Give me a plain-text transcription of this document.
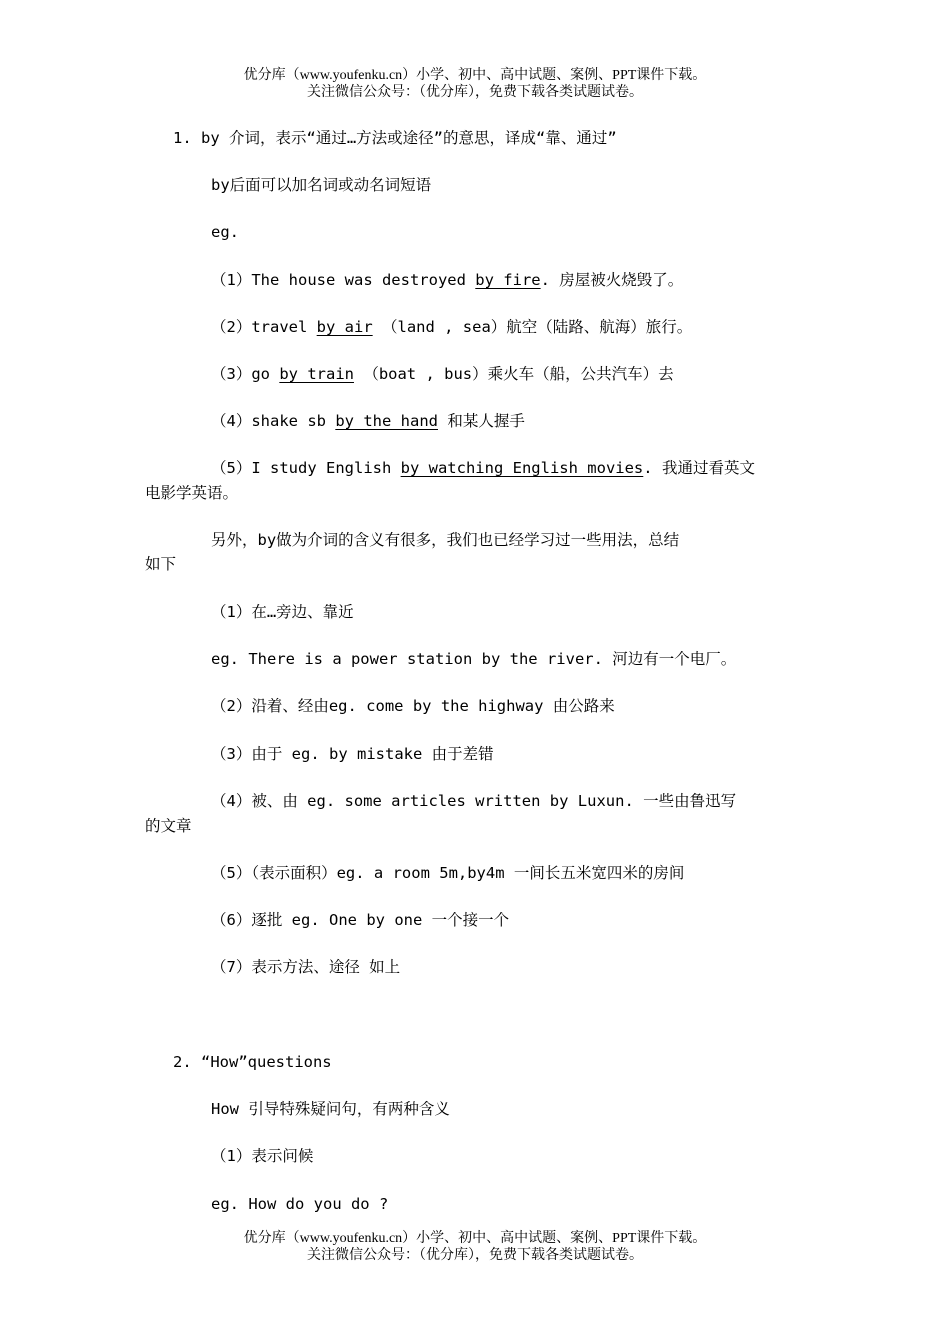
优分库（www.youfenku.cn）小学、初中、高中试题、案例、PPT课件下载。
关注微信公众号：（优分库），免费下载各类试题试卷。
1. by 介词，表示“通过…方法或途径”的意思，译成“靠、通过”
by后面可以加名词或动名词短语
eg.
（1）The house was destroyed by fire. 房屋被火烧毁了。
（2）travel by air （land , sea）航空（陆路、航海）旅行。
（3）go by train （boat , bus）乘火车（船，公共汽车）去
（4）shake sb by the hand 和某人握手
（5）I study English by watching English movies. 我通过看英文
电影学英语。
另外，by做为介词的含义有很多，我们也已经学习过一些用法，总结
如下
（1）在…旁边、靠近
eg. There is a power station by the river. 河边有一个电厂。
（2）沿着、经由eg. come by the highway 由公路来
（3）由于 eg. by mistake 由于差错
（4）被、由 eg. some articles written by Luxun. 一些由鲁迅写
的文章
（5）（表示面积）eg. a room 5m,by4m 一间长五米宽四米的房间
（6）逐批 eg. One by one 一个接一个
（7）表示方法、途径 如上
2. “How”questions
How 引导特殊疑问句，有两种含义
（1）表示问候
eg. How do you do ?
优分库（www.youfenku.cn）小学、初中、高中试题、案例、PPT课件下载。
关注微信公众号：（优分库），免费下载各类试题试卷。
